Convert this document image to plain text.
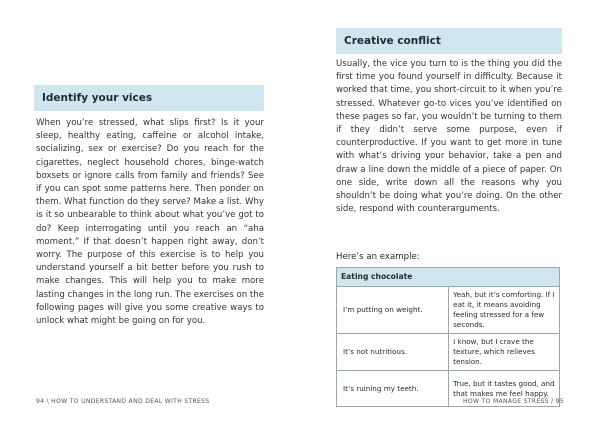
Identify your vices

When you’re stressed, what slips first? Is it your sleep, healthy eating, caffeine or alcohol intake, socializing, sex or exercise? Do you reach for the cigarettes, neglect household chores, binge-watch boxsets or ignore calls from family and friends? See if you can spot some patterns here. Then ponder on them. What function do they serve? Make a list. Why is it so unbearable to think about what you’ve got to do? Keep interrogating until you reach an “aha moment.” If that doesn’t happen right away, don’t worry. The purpose of this exercise is to help you understand yourself a bit better before you rush to make changes. This will help you to make more lasting changes in the long run. The exercises on the following pages will give you some creative ways to unlock what might be going on for you.

94 \ HOW TO UNDERSTAND AND DEAL WITH STRESS
Creative conflict

Usually, the vice you turn to is the thing you did the first time you found yourself in difficulty. Because it worked that time, you short-circuit to it when you’re stressed. Whatever go-to vices you’ve identified on these pages so far, you wouldn’t be turning to them if they didn’t serve some purpose, even if counterproductive. If you want to get more in tune with what’s driving your behavior, take a pen and draw a line down the middle of a piece of paper. On one side, write down all the reasons why you shouldn’t be doing what you’re doing. On the other side, respond with counterarguments.

Here’s an example:

Eating chocolate	
I’m putting on weight.	Yeah, but it’s comforting. If I eat it, it means avoiding feeling stressed for a few seconds.
It’s not nutritious.	I know, but I crave the texture, which relieves tension.
It’s ruining my teeth.	True, but it tastes good, and that makes me feel happy.
HOW TO MANAGE STRESS / 95
